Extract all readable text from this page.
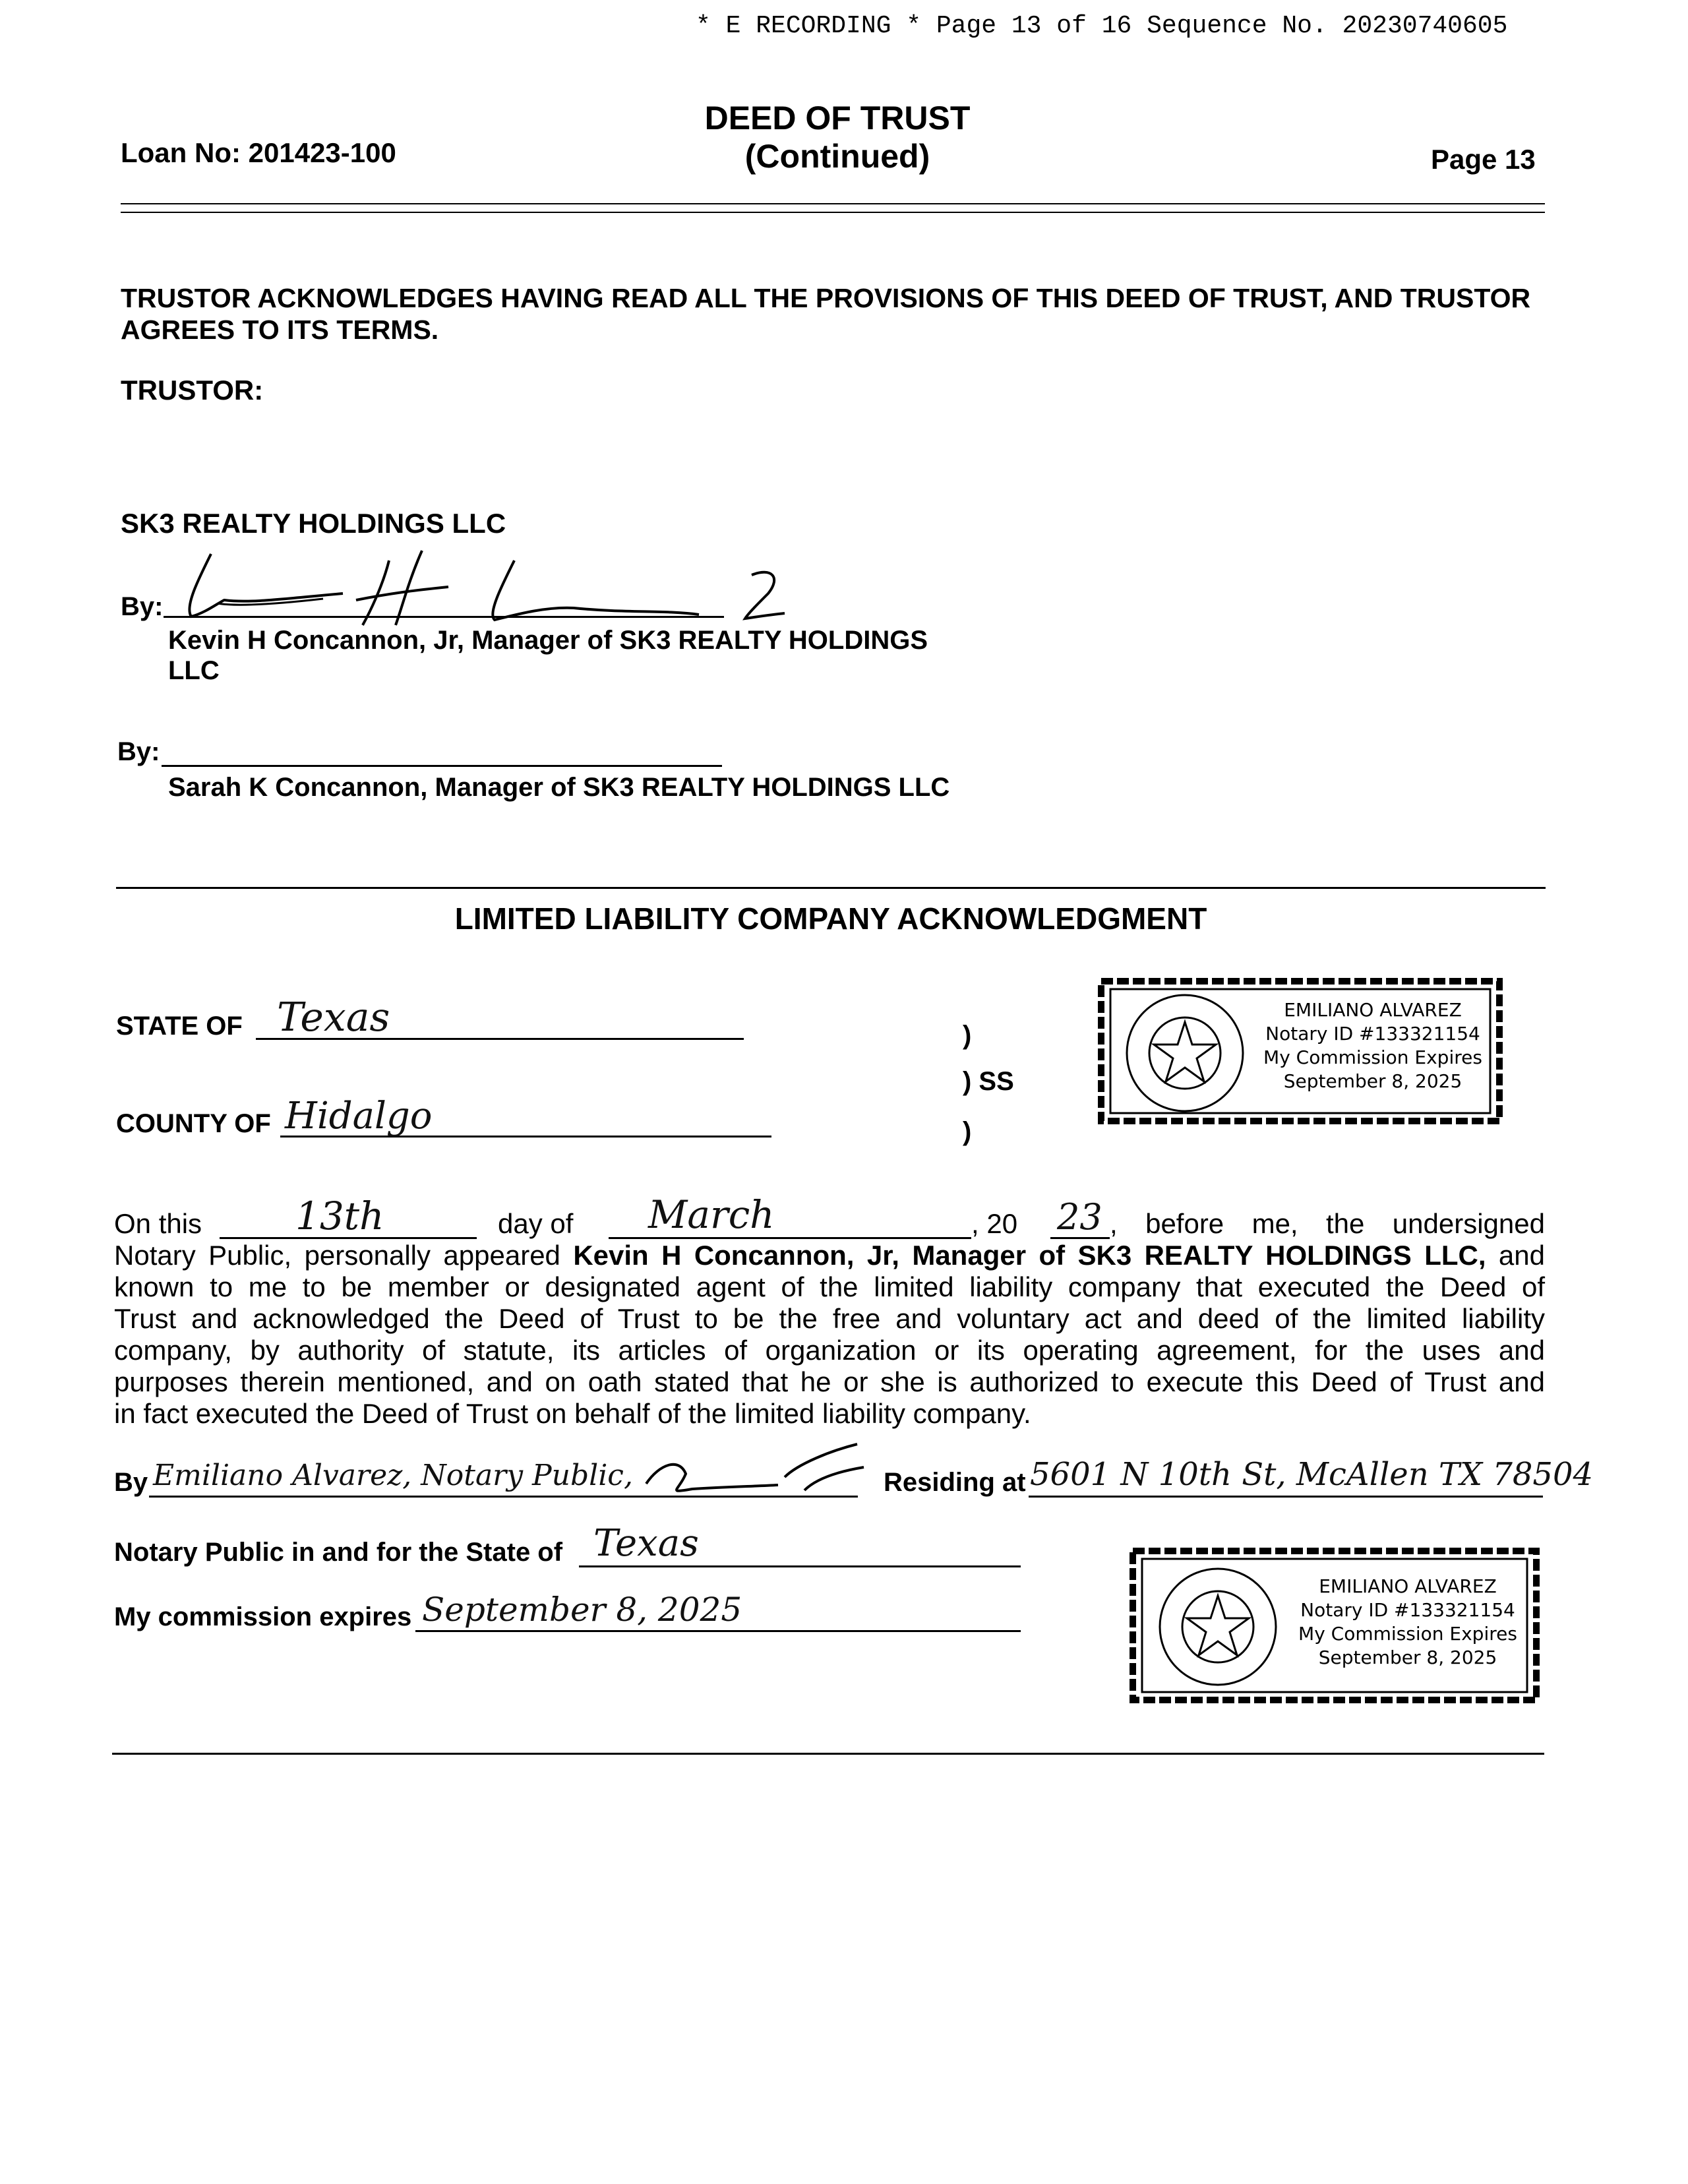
* E RECORDING * Page 13 of 16 Sequence No. 20230740605
DEED OF TRUST
(Continued)
Loan No: 201423-100	Page 13
TRUSTOR ACKNOWLEDGES HAVING READ ALL THE PROVISIONS OF THIS DEED OF TRUST, AND TRUSTOR
AGREES TO ITS TERMS.
TRUSTOR:
SK3 REALTY HOLDINGS LLC
By:
Kevin H Concannon, Jr, Manager of SK3 REALTY HOLDINGS
LLC
By:
Sarah K Concannon, Manager of SK3 REALTY HOLDINGS LLC
LIMITED LIABILITY COMPANY ACKNOWLEDGMENT
STATE OF Texas
COUNTY OF Hidalgo
)
) SS
)
EMILIANO ALVAREZ
Notary ID #133321154
My Commission Expires
September 8, 2025
On this 13th	day of March	, 20 23 , before me, the undersigned
Notary Public, personally appeared Kevin H Concannon, Jr, Manager of SK3 REALTY HOLDINGS LLC, and
known to me to be member or designated agent of the limited liability company that executed the Deed of
Trust and acknowledged the Deed of Trust to be the free and voluntary act and deed of the limited liability
company, by authority of statute, its articles of organization or its operating agreement, for the uses and
purposes therein mentioned, and on oath stated that he or she is authorized to execute this Deed of Trust and
in fact executed the Deed of Trust on behalf of the limited liability company.
By Emiliano Alvarez, Notary Public,	Residing at 5601 N 10th St, McAllen TX 78504
Notary Public in and for the State of Texas
My commission expires September 8, 2025
EMILIANO ALVAREZ
Notary ID #133321154
My Commission Expires
September 8, 2025
